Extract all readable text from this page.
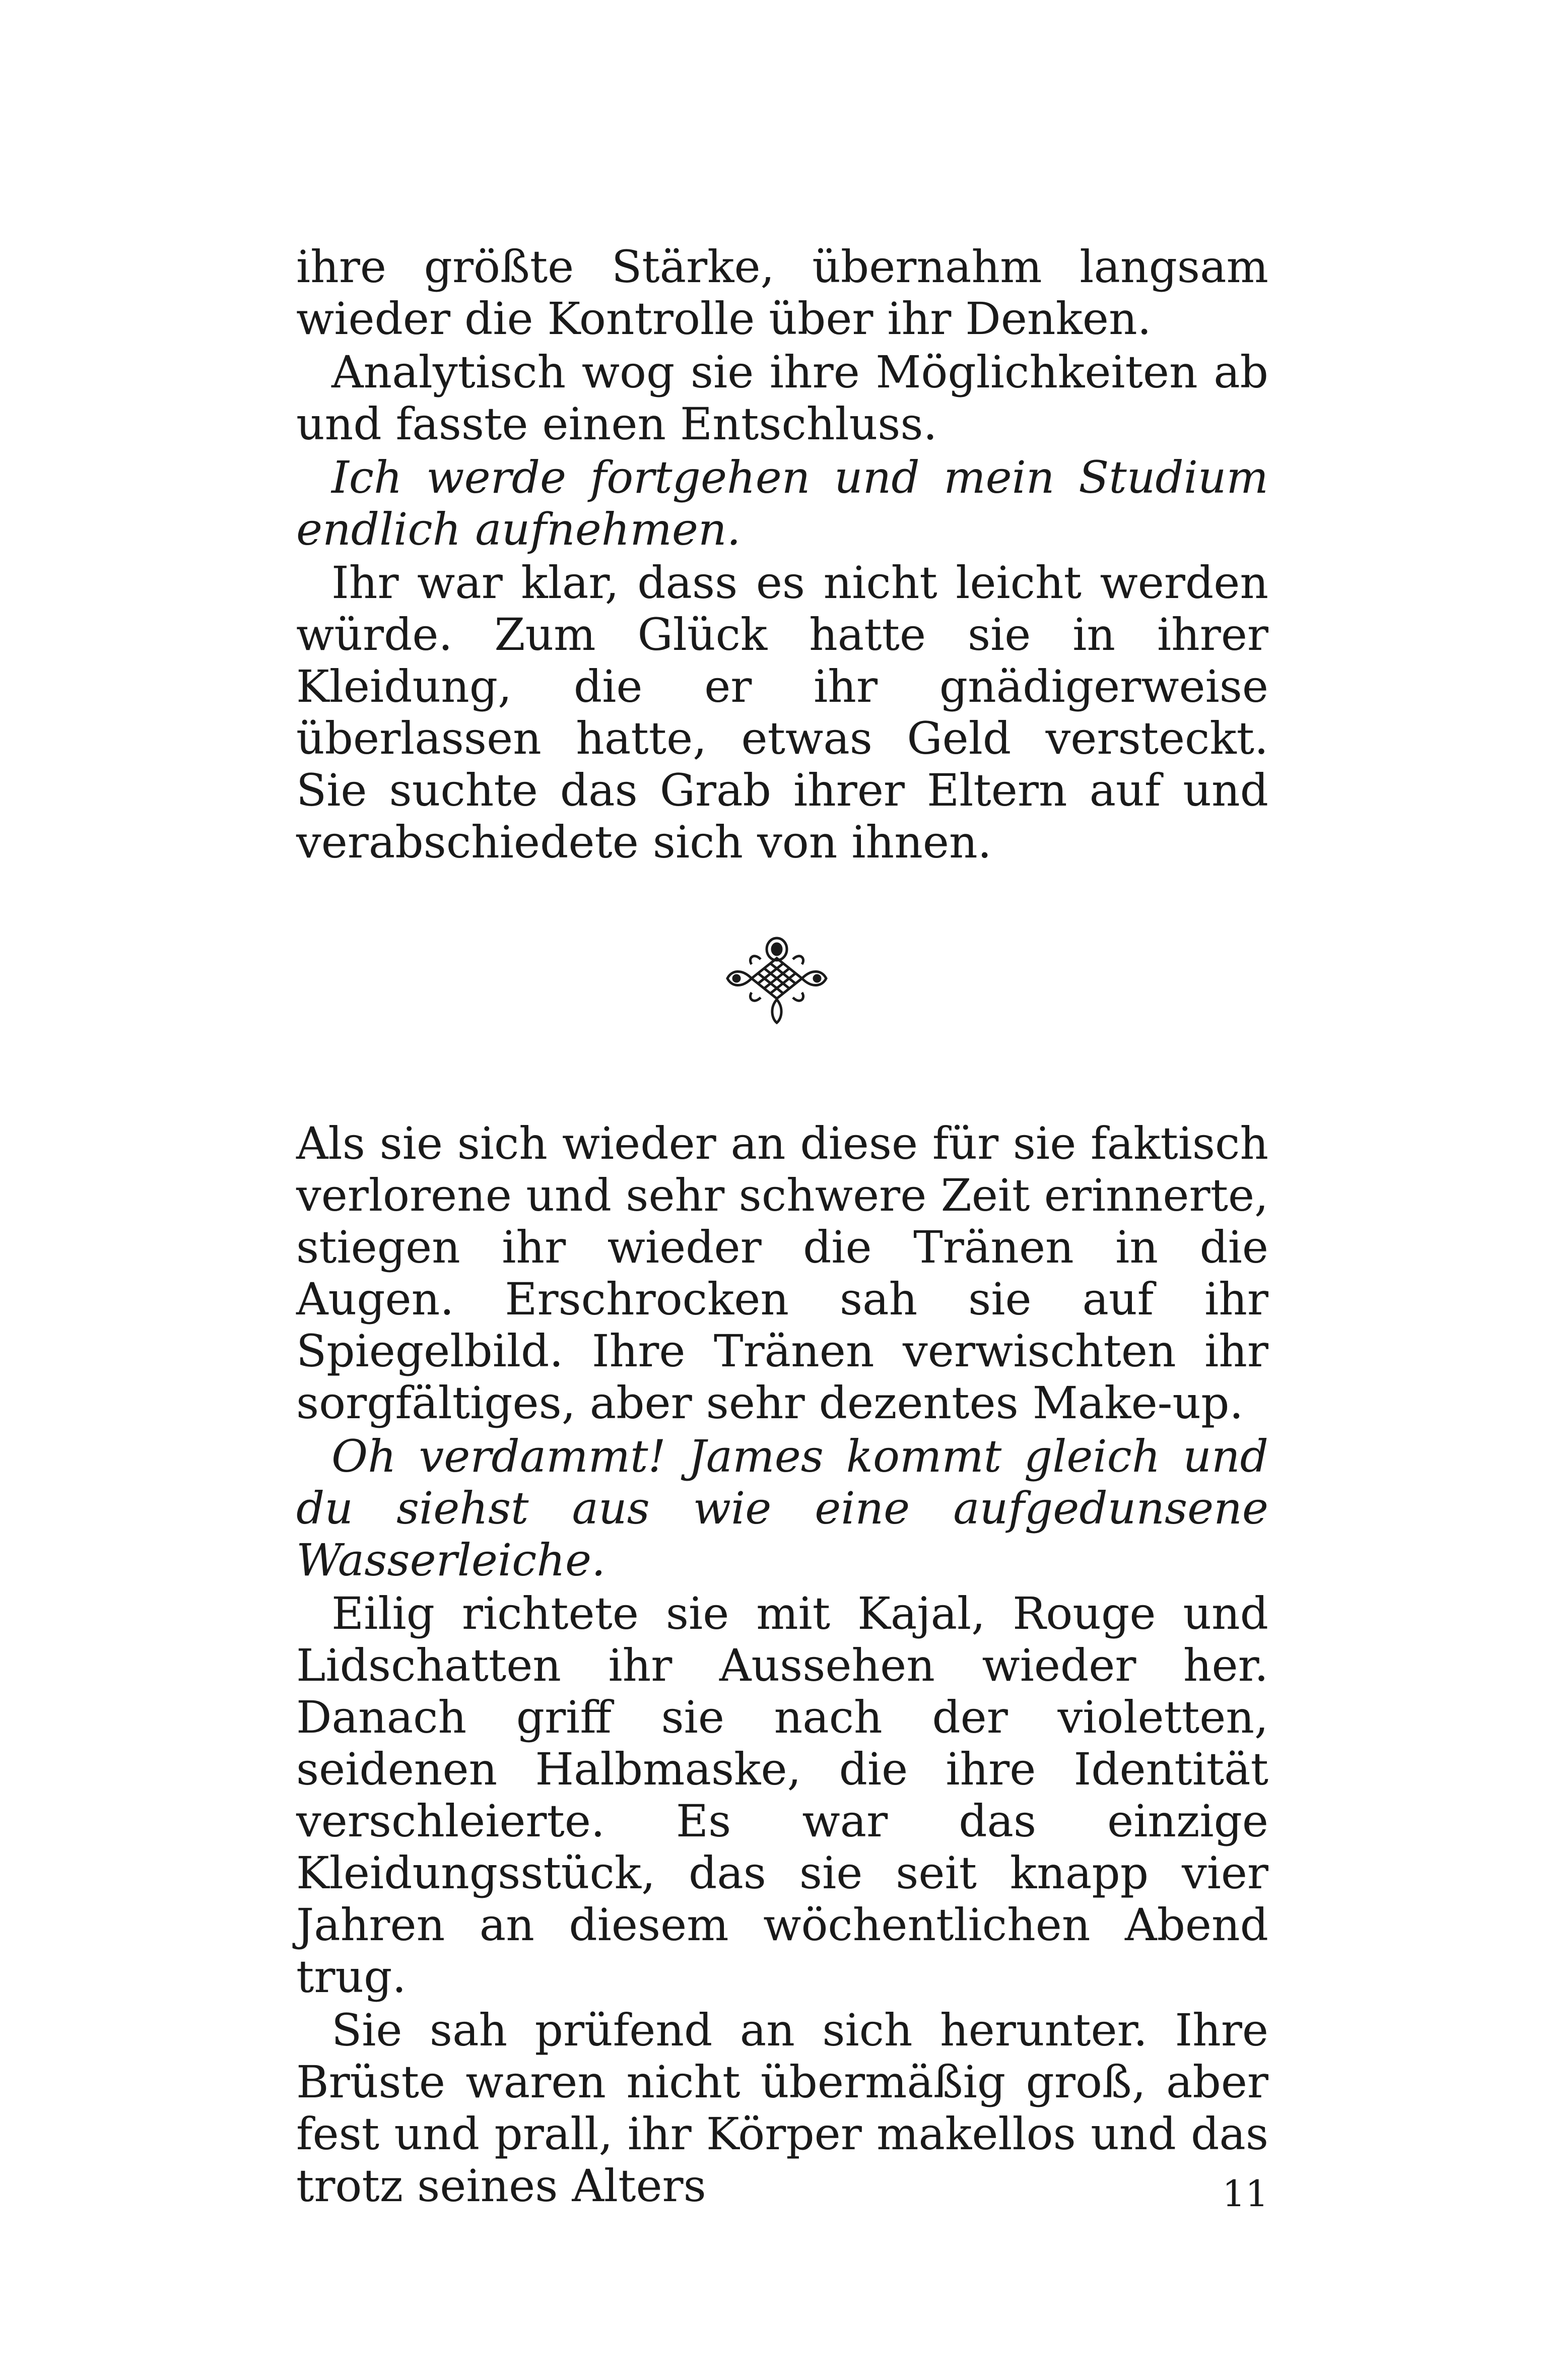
ihre größte Stärke, übernahm langsam wieder die Kontrolle über ihr Denken.

Analytisch wog sie ihre Möglichkeiten ab und fasste einen Entschluss.

Ich werde fortgehen und mein Studium endlich aufnehmen.

Ihr war klar, dass es nicht leicht werden würde. Zum Glück hatte sie in ihrer Kleidung, die er ihr gnädigerweise überlassen hatte, etwas Geld versteckt. Sie suchte das Grab ihrer Eltern auf und verabschiedete sich von ihnen.

Als sie sich wieder an diese für sie faktisch verlorene und sehr schwere Zeit erinnerte, stiegen ihr wieder die Tränen in die Augen. Erschrocken sah sie auf ihr Spiegelbild. Ihre Tränen verwischten ihr sorgfältiges, aber sehr dezentes Make-up.

Oh verdammt! James kommt gleich und du siehst aus wie eine aufgedunsene Wasserleiche.

Eilig richtete sie mit Kajal, Rouge und Lidschatten ihr Aussehen wieder her. Danach griff sie nach der violetten, seidenen Halbmaske, die ihre Identität verschleierte. Es war das einzige Kleidungsstück, das sie seit knapp vier Jahren an diesem wöchentlichen Abend trug.

Sie sah prüfend an sich herunter. Ihre Brüste waren nicht übermäßig groß, aber fest und prall, ihr Körper makellos und das trotz seines Alters	11
